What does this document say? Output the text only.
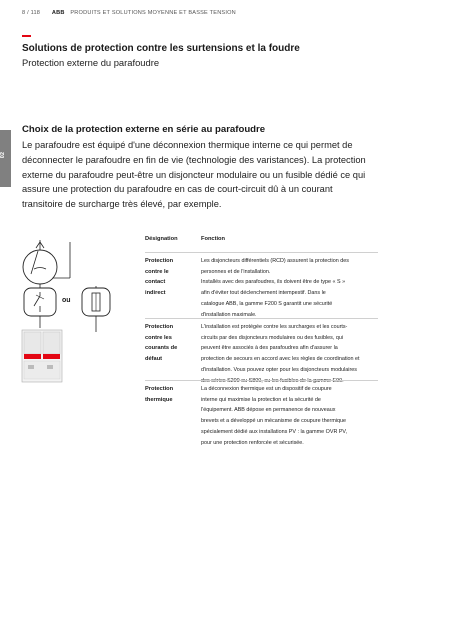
8 / 118 ABB PRODUITS ET SOLUTIONS MOYENNE ET BASSE TENSION
Solutions de protection contre les surtensions et la foudre
Protection externe du parafoudre
02
Choix de la protection externe en série au parafoudre

Le parafoudre est équipé d'une déconnexion thermique interne ce qui permet de

déconnecter le parafoudre en fin de vie (technologie des varistances). La protection

externe du parafoudre peut-être un disjoncteur modulaire ou un fusible dédié ce qui

assure une protection du parafoudre en cas de court-circuit dû à un courant

transitoire de surcharge très élevé, par exemple.

ou
Désignation	Fonction

Protection

contre le

contact

indirect

Les disjoncteurs différentiels (RCD) assurent la protection des

personnes et de l'installation.

Installés avec des parafoudres, ils doivent être de type « S »

afin d'éviter tout déclenchement intempestif. Dans le

catalogue ABB, la gamme F200 S garantit une sécurité

d'installation maximale.

Protection

contre les

courants de

défaut

L'installation est protégée contre les surcharges et les courts-

circuits par des disjoncteurs modulaires ou des fusibles, qui

peuvent être associés à des parafoudres afin d'assurer la

protection de secours en accord avec les règles de coordination et

d'installation. Vous pouvez opter pour les disjoncteurs modulaires

Protection

thermique

La déconnexion thermique est un dispositif de coupure

interne qui maximise la protection et la sécurité de

l'équipement. ABB dépose en permanence de nouveaux

brevets et a développé un mécanisme de coupure thermique

spécialement dédié aux installations PV : la gamme OVR PV,

pour une protection renforcée et sécurisée.
